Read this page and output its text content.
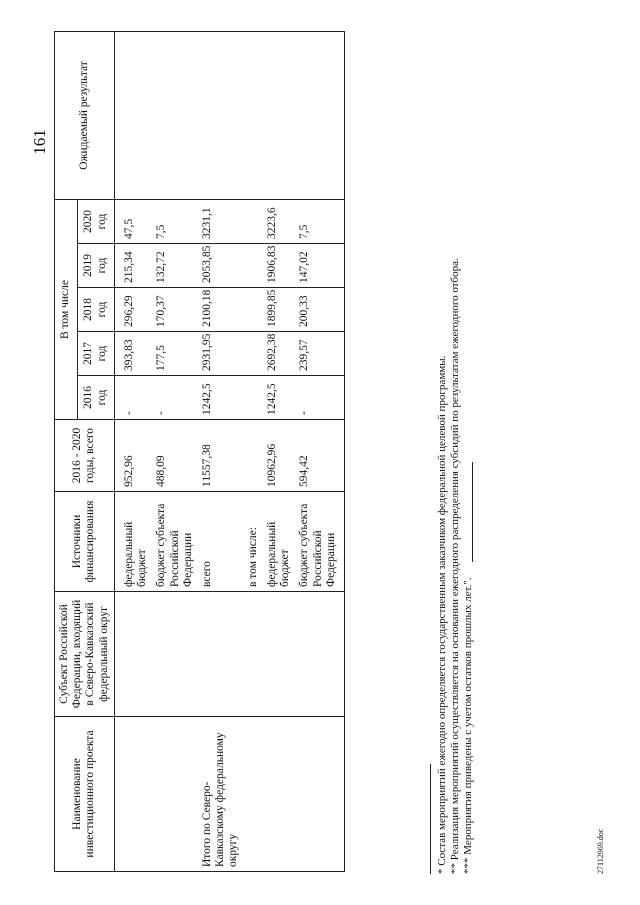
161
Наименование инвестиционного проекта	Субъект Российской Федерации, входящий в Северо-Кавказский федеральный округ	Источники финансирования	2016 - 2020 годы, всего	В том числе					Ожидаемый результат
				2016 год	2017 год	2018 год	2019 год	2020 год	
		федеральный бюджет	952,96	-	393,83	296,29	215,34	47,5	
		бюджет субъекта Российской Федерации	488,09	-	177,5	170,37	132,72	7,5	
Итого по Северо-Кавказскому федеральному округу		всего	11557,38	1242,5	2931,95	2100,18	2053,85	3231,1	
		в том числе:							
		федеральный бюджет	10962,96	1242,5	2692,38	1899,85	1906,83	3223,6	
		бюджет субъекта Российской Федерации	594,42	-	239,57	200,33	147,02	7,5	
* Состав мероприятий ежегодно определяется государственным заказчиком федеральной целевой программы. ** Реализация мероприятий осуществляется на основании ежегодного распределения субсидий по результатам ежегодного отбора. *** Мероприятия приведены с учетом остатков прошлых лет.".	27112969.doc
